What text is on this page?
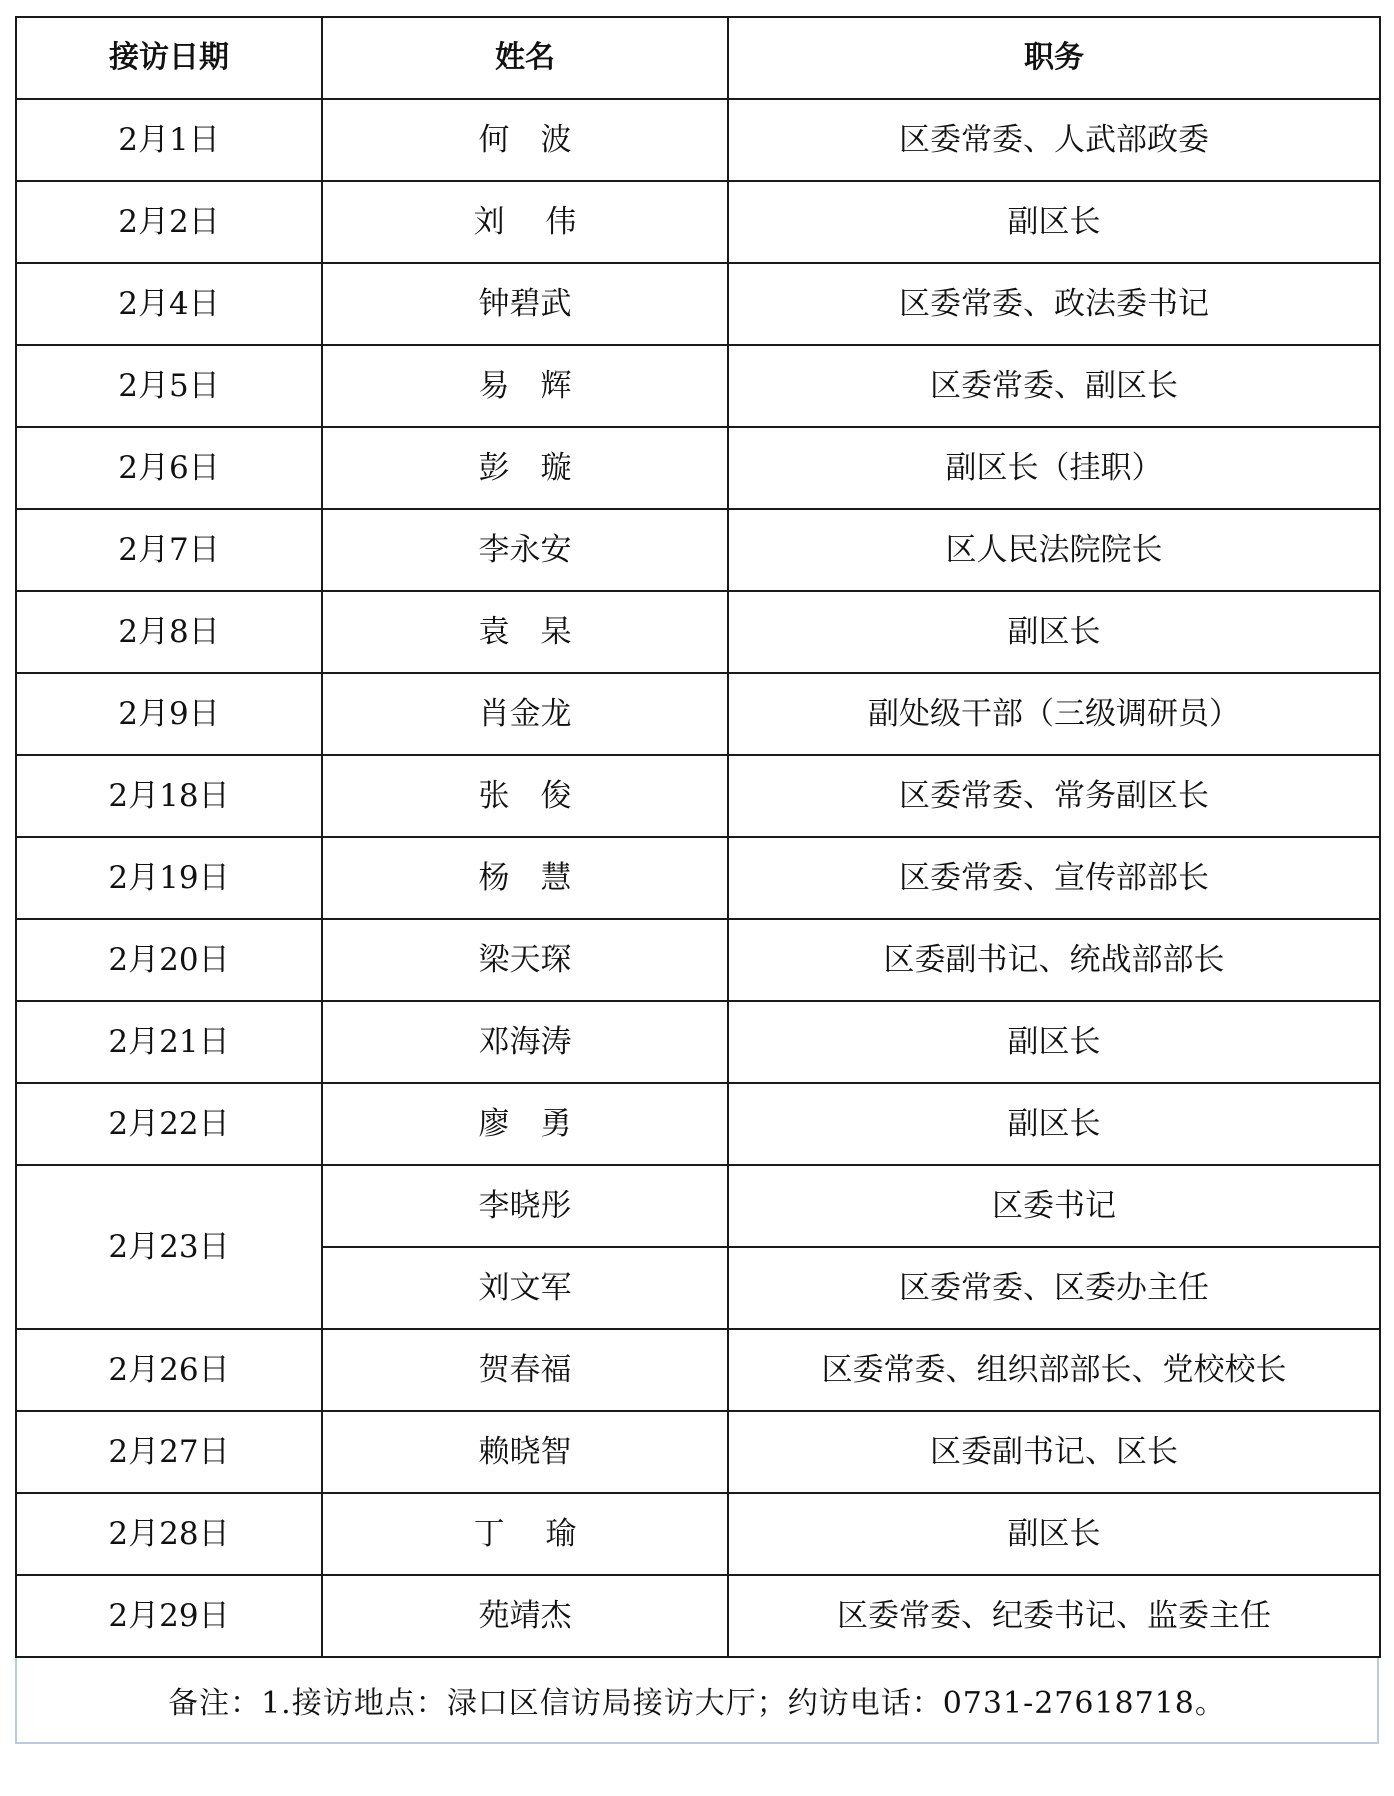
接访日期	姓名	职务
2月1日	何　波	区委常委、人武部政委
2月2日	刘　 伟	副区长
2月4日	钟碧武	区委常委、政法委书记
2月5日	易　辉	区委常委、副区长
2月6日	彭　璇	副区长（挂职）
2月7日	李永安	区人民法院院长
2月8日	袁　杲	副区长
2月9日	肖金龙	副处级干部（三级调研员）
2月18日	张　俊	区委常委、常务副区长
2月19日	杨　慧	区委常委、宣传部部长
2月20日	梁天琛	区委副书记、统战部部长
2月21日	邓海涛	副区长
2月22日	廖　勇	副区长
2月23日	李晓彤	区委书记
	刘文军	区委常委、区委办主任
2月26日	贺春福	区委常委、组织部部长、党校校长
2月27日	赖晓智	区委副书记、区长
2月28日	丁　 瑜	副区长
2月29日	苑靖杰	区委常委、纪委书记、监委主任
备注：1.接访地点：渌口区信访局接访大厅；约访电话：0731-27618718。
